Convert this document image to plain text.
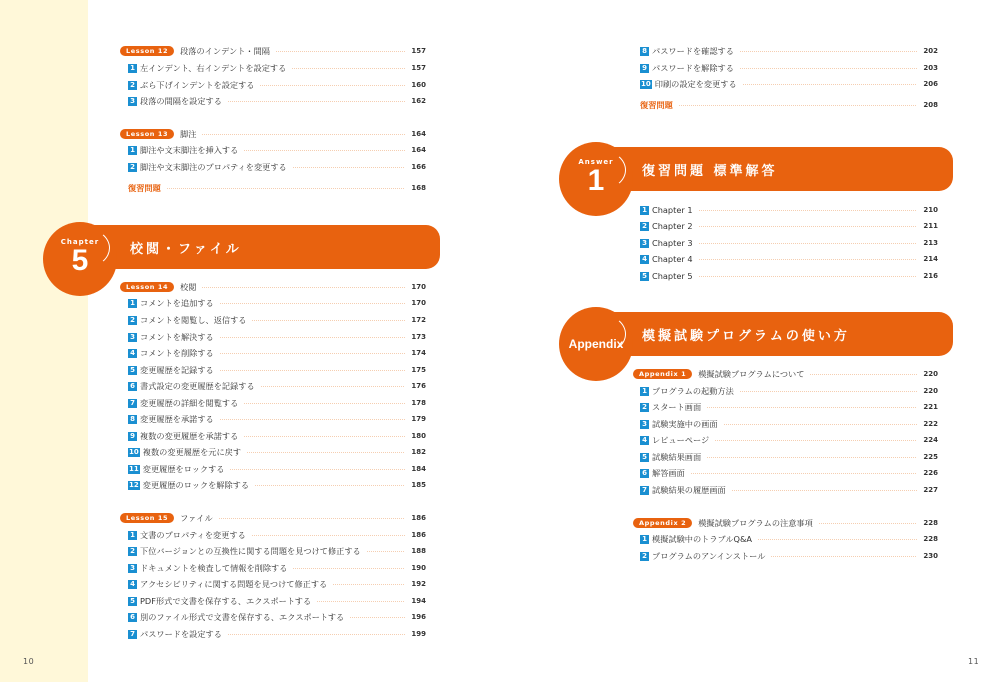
Lesson 12	段落のインデント・間隔	157
1 左インデント、右インデントを設定する	157
2 ぶら下げインデントを設定する	160
3 段落の間隔を設定する	162
Lesson 13	脚注	164
1 脚注や文末脚注を挿入する	164
2 脚注や文末脚注のプロパティを変更する	166
復習問題	168
校閲・ファイル
Chapter
5
Lesson 14	校閲	170
1 コメントを追加する	170
2 コメントを閲覧し、返信する	172
3 コメントを解決する	173
4 コメントを削除する	174
5 変更履歴を記録する	175
6 書式設定の変更履歴を記録する	176
7 変更履歴の詳細を閲覧する	178
8 変更履歴を承諾する	179
9 複数の変更履歴を承諾する	180
10 複数の変更履歴を元に戻す	182
11 変更履歴をロックする	184
12 変更履歴のロックを解除する	185
Lesson 15	ファイル	186
1 文書のプロパティを変更する	186
2 下位バージョンとの互換性に関する問題を見つけて修正する	188
3 ドキュメントを検査して情報を削除する	190
4 アクセシビリティに関する問題を見つけて修正する	192
5 PDF形式で文書を保存する、エクスポートする	194
6 別のファイル形式で文書を保存する、エクスポートする	196
7 パスワードを設定する	199
10
8 パスワードを確認する	202
9 パスワードを解除する	203
10 印刷の設定を変更する	206
復習問題	208
復習問題 標準解答
Answer
1
1 Chapter 1	210
2 Chapter 2	211
3 Chapter 3	213
4 Chapter 4	214
5 Chapter 5	216
模擬試験プログラムの使い方
Appendix
Appendix 1	模擬試験プログラムについて	220
1 プログラムの起動方法	220
2 スタート画面	221
3 試験実施中の画面	222
4 レビューページ	224
5 試験結果画面	225
6 解答画面	226
7 試験結果の履歴画面	227
Appendix 2	模擬試験プログラムの注意事項	228
1 模擬試験中のトラブルQ&A	228
2 プログラムのアンインストール	230
11
